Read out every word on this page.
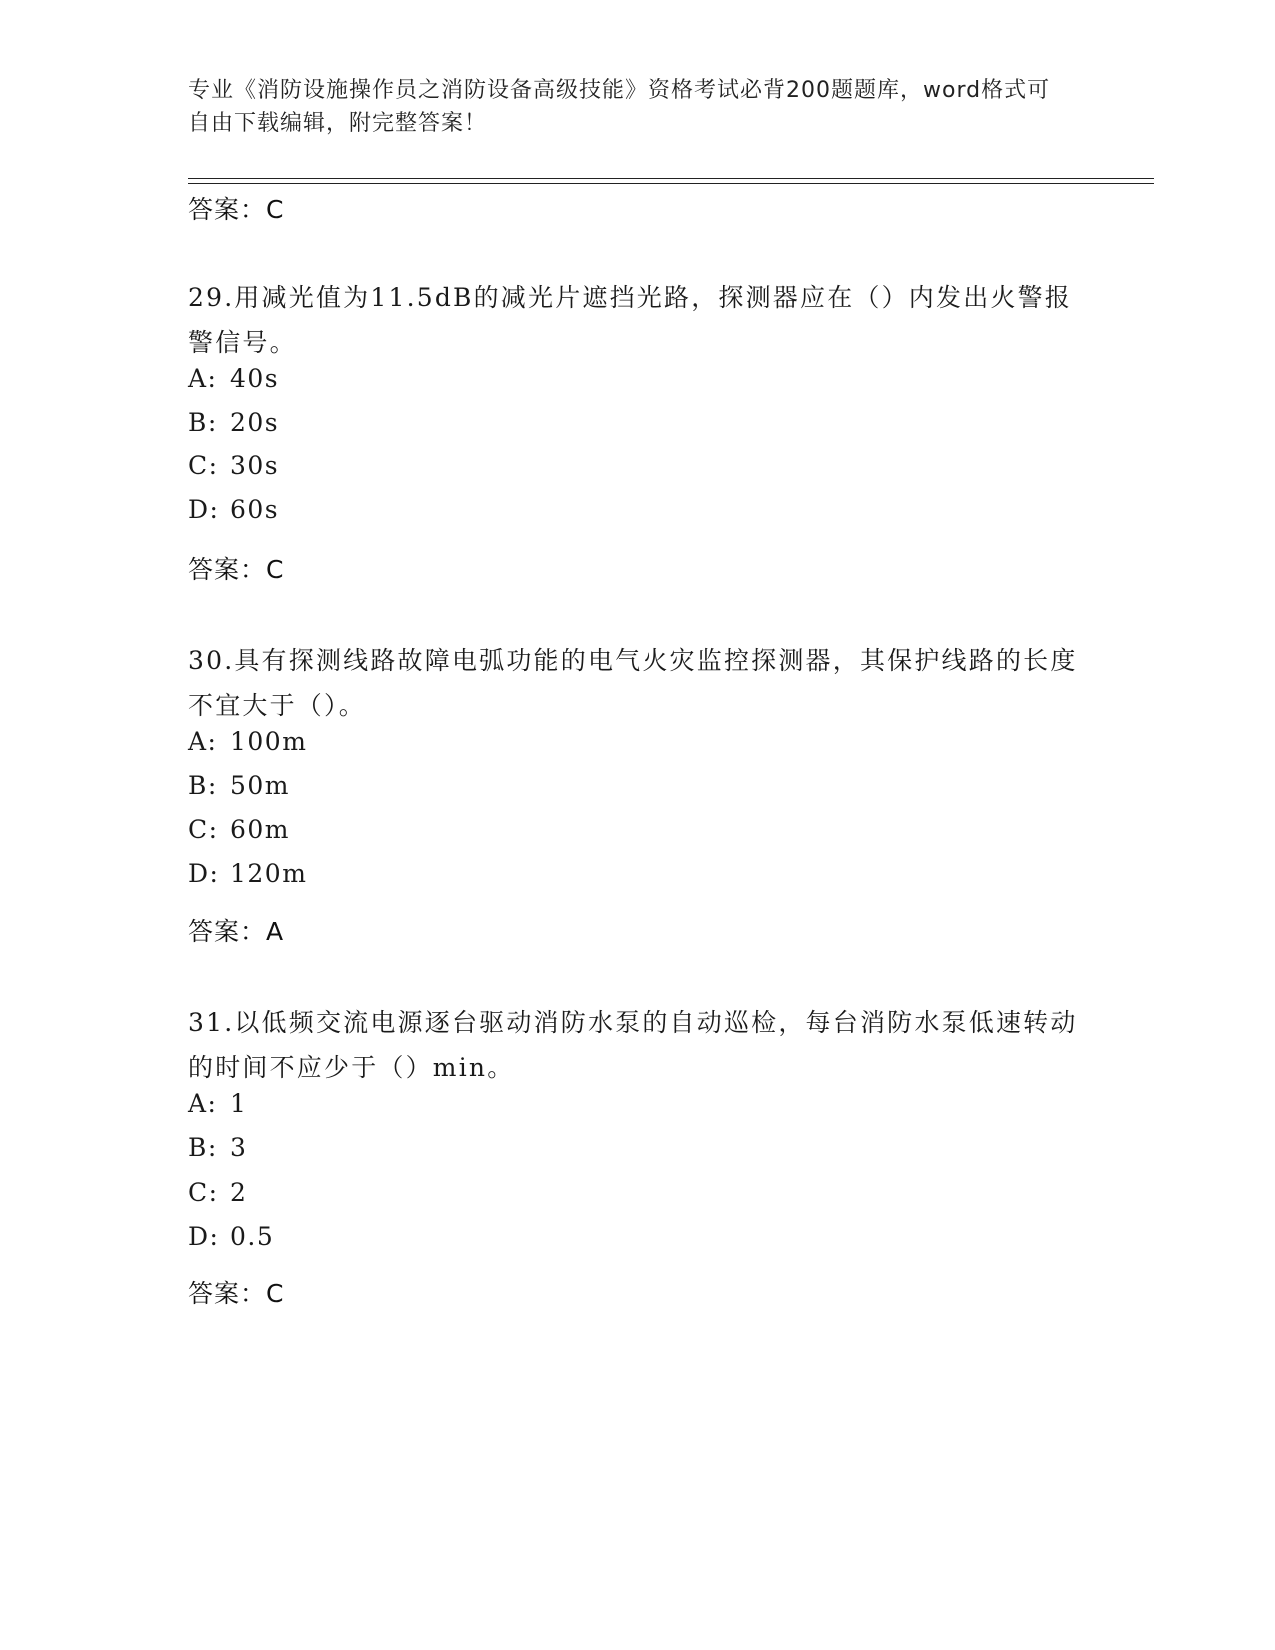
专业《消防设施操作员之消防设备高级技能》资格考试必背200题题库，word格式可自由下载编辑，附完整答案！
答案：C
29.用减光值为11.5dB的减光片遮挡光路，探测器应在（）内发出火警报警信号。
A: 40s
B: 20s
C: 30s
D: 60s
答案：C
30.具有探测线路故障电弧功能的电气火灾监控探测器，其保护线路的长度不宜大于（）。
A: 100m
B: 50m
C: 60m
D: 120m
答案：A
31.以低频交流电源逐台驱动消防水泵的自动巡检，每台消防水泵低速转动的时间不应少于（）min。
A: 1
B: 3
C: 2
D: 0.5
答案：C
